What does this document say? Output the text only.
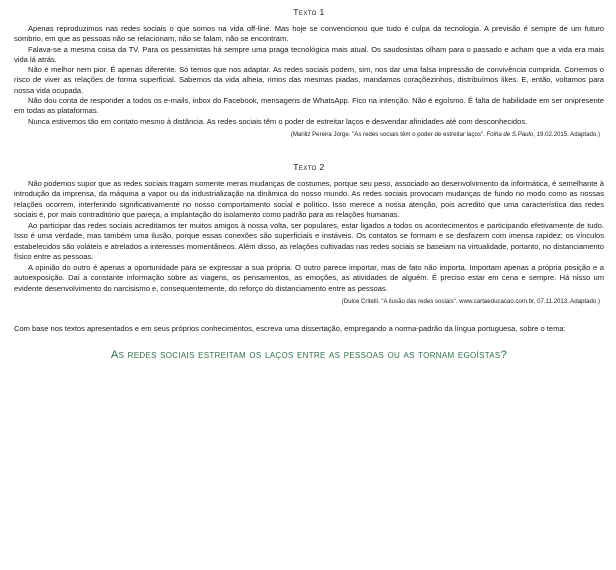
Texto 1

Apenas reproduzimos nas redes sociais o que somos na vida off-line. Mas hoje se convencionou que tudo é culpa da tecnologia. A previsão é sempre de um futuro sombrio, em que as pessoas não se relacionam, não se falam, não se encontram.

Falava-se a mesma coisa da TV. Para os pessimistas há sempre uma praga tecnológica mais atual. Os saudosistas olham para o passado e acham que a vida era mais vida lá atrás.

Não é melhor nem pior. É apenas diferente. Só temos que nos adaptar. As redes sociais podem, sim, nos dar uma falsa impressão de convivência cumprida. Corremos o risco de viver as relações de forma superficial. Sabemos da vida alheia, rimos das mesmas piadas, mandamos coraçõezinhos, distribuímos likes. E, então, voltamos para nossa vida ocupada.

Não dou conta de responder a todos os e-mails, inbox do Facebook, mensagens de WhatsApp. Fico na intenção. Não é egoísmo. É falta de habilidade em ser onipresente em todas as plataformas.

Nunca estivemos tão em contato mesmo à distância. As redes sociais têm o poder de estreitar laços e desvendar afinidades até com desconhecidos.

(Mariliz Pereira Jorge. "As redes sociais têm o poder de estreitar laços". Folha de S.Paulo, 19.02.2015. Adaptado.)
Texto 2

Não podemos supor que as redes sociais tragam somente meras mudanças de costumes, porque seu peso, associado ao desenvolvimento da informática, é semelhante à introdução da imprensa, da máquina a vapor ou da industrialização na dinâmica do nosso mundo. As redes sociais provocam mudanças de fundo no modo como as nossas relações ocorrem, interferindo significativamente no nosso comportamento social e político. Isso merece a nossa atenção, pois acredito que uma característica das redes sociais é, por mais contraditório que pareça, a implantação do isolamento como padrão para as relações humanas.

Ao participar das redes sociais acreditamos ter muitos amigos à nossa volta, ser populares, estar ligados a todos os acontecimentos e participando efetivamente de tudo. Isso é uma verdade, mas também uma ilusão, porque essas conexões são superficiais e instáveis. Os contatos se formam e se desfazem com imensa rapidez; os vínculos estabelecidos são voláteis e atrelados a interesses momentâneos. Além disso, as relações cultivadas nas redes sociais se baseiam na virtualidade, portanto, no distanciamento físico entre as pessoas.

A opinião do outro é apenas a oportunidade para se expressar a sua própria. O outro parece importar, mas de fato não importa. Importam apenas a própria posição e a autoexposição. Daí a constante informação sobre as viagens, os pensamentos, as emoções, as atividades de alguém. É preciso estar em cena e sempre. Há nisso um evidente desenvolvimento do narcisismo e, consequentemente, do reforço do distanciamento entre as pessoas.

(Dulce Critelli. "A ilusão das redes sociais". www.cartaeducacao.com.br, 07.11.2013. Adaptado.)

Com base nos textos apresentados e em seus próprios conhecimentos, escreva uma dissertação, empregando a norma-padrão da língua portuguesa, sobre o tema:

As redes sociais estreitam os laços entre as pessoas ou as tornam egoístas?
